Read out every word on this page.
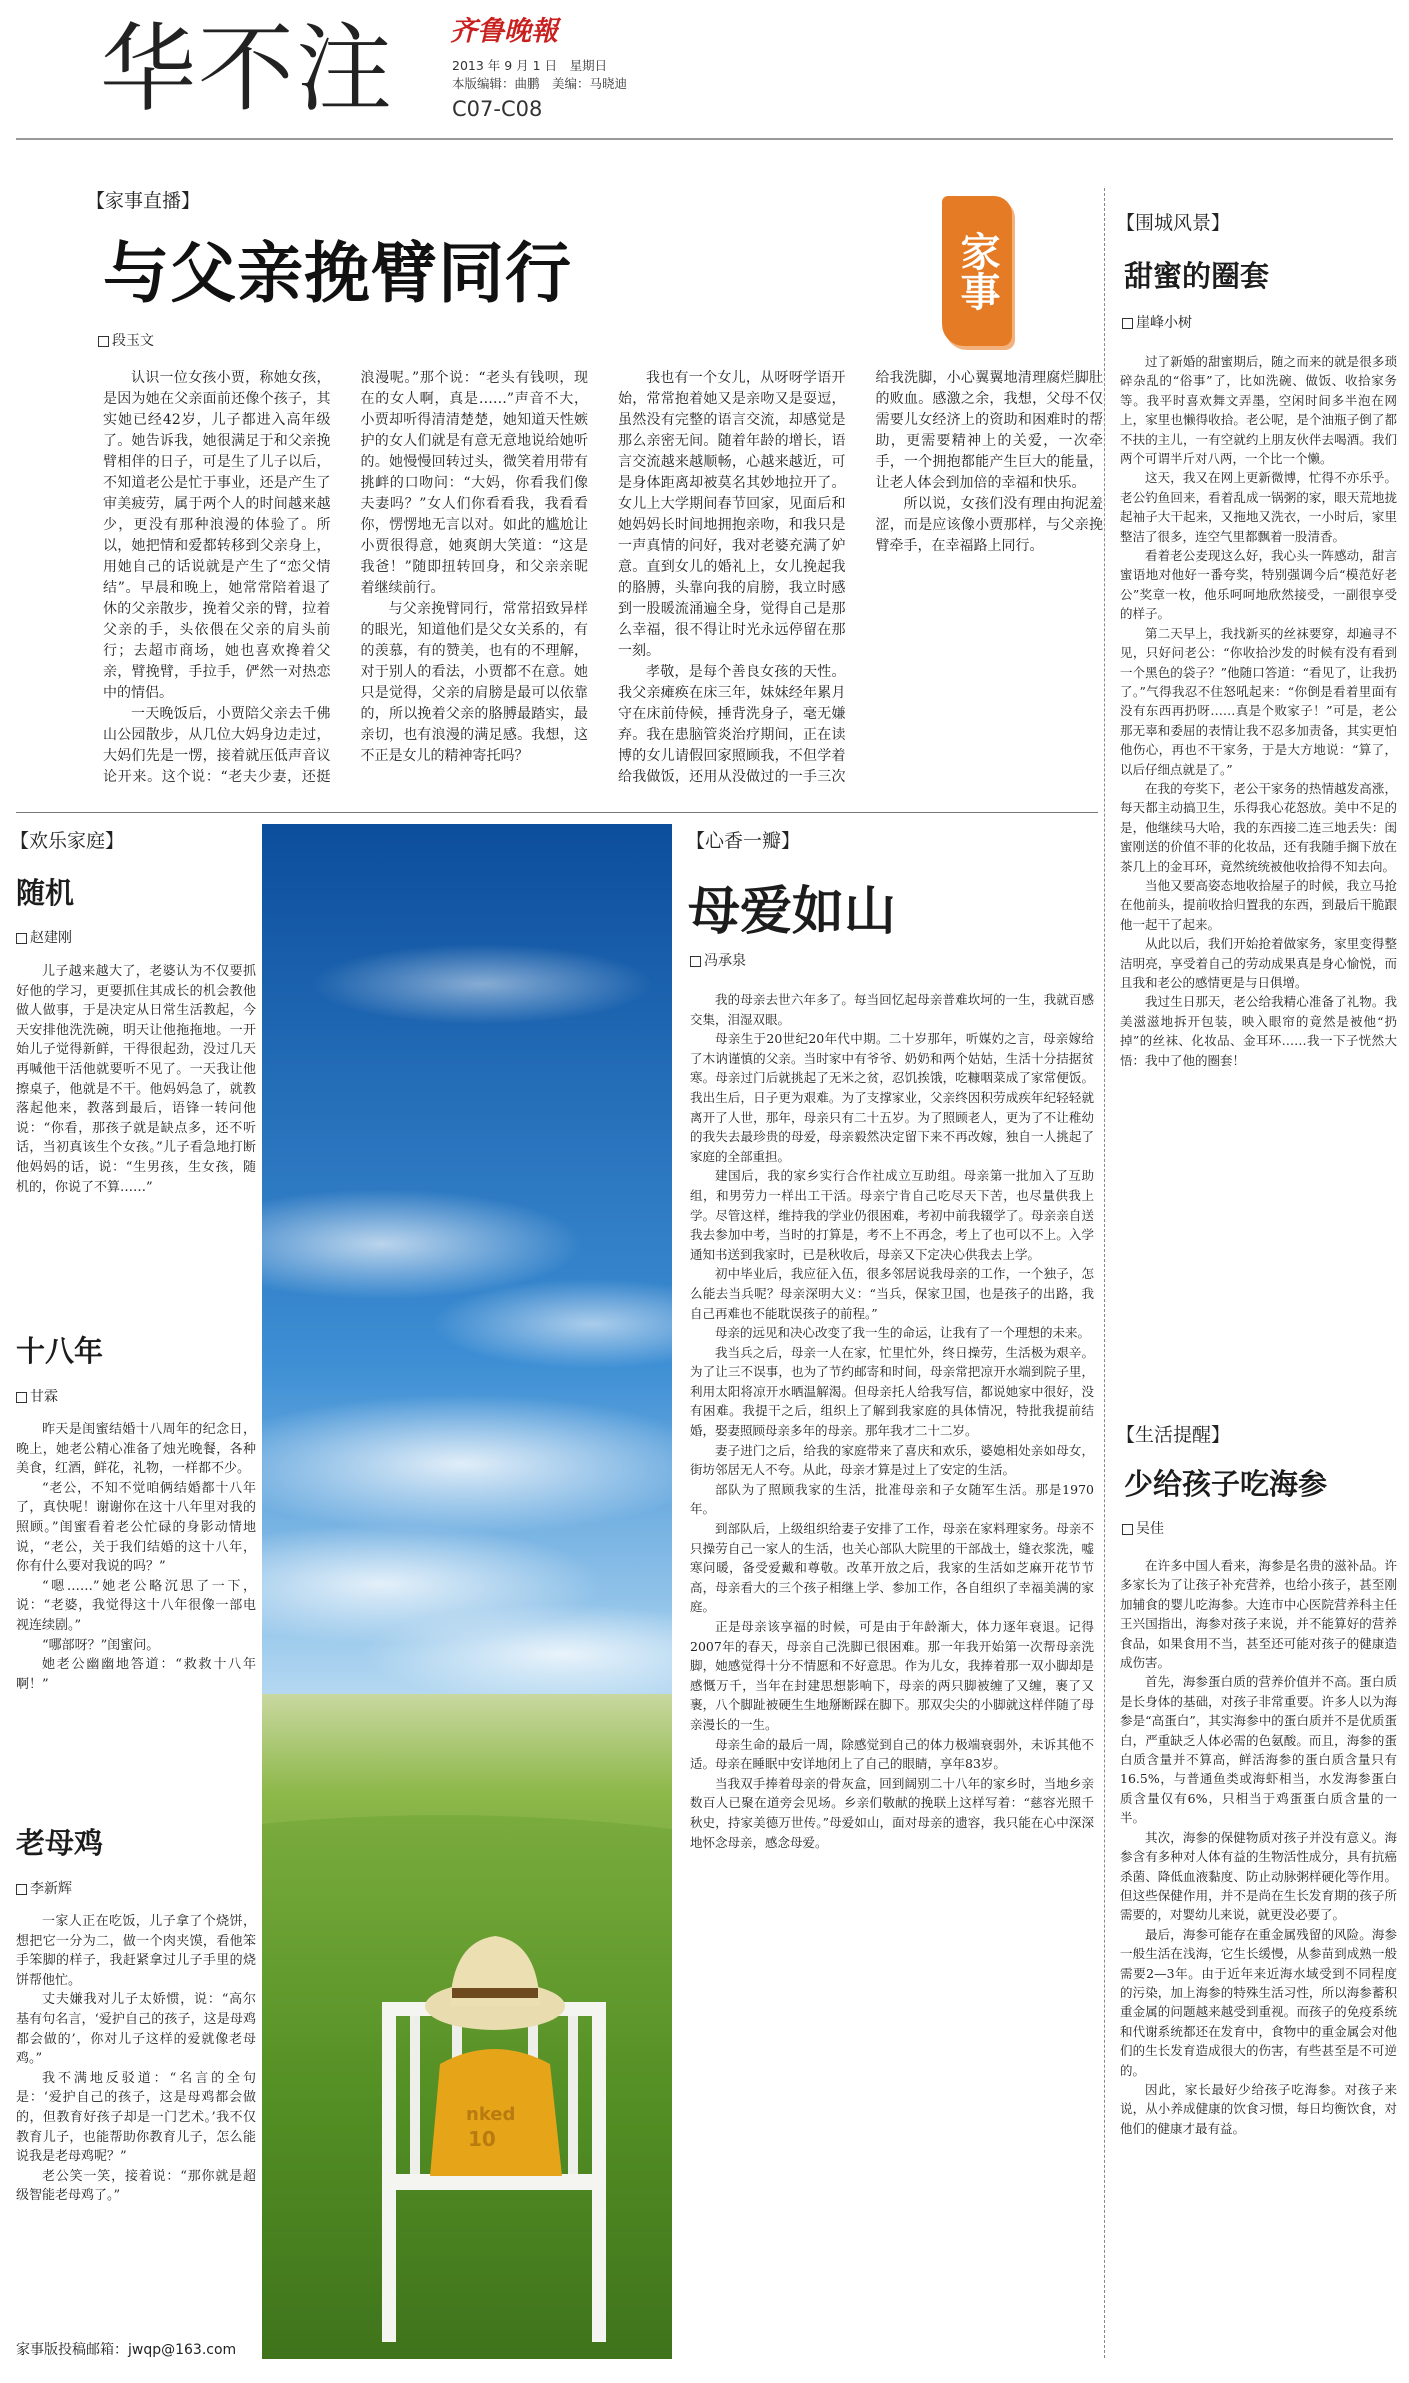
华不注 齐鲁晚報
2013 年 9 月 1 日　星期日
本版编辑：曲鹏　美编：马晓迪
C07-C08
【家事直播】
家事
与父亲挽臂同行
段玉文

认识一位女孩小贾，称她女孩，是因为她在父亲面前还像个孩子，其实她已经42岁，儿子都进入高年级了。她告诉我，她很满足于和父亲挽臂相伴的日子，可是生了儿子以后，不知道老公是忙于事业，还是产生了审美疲劳，属于两个人的时间越来越少，更没有那种浪漫的体验了。所以，她把情和爱都转移到父亲身上，用她自己的话说就是产生了“恋父情结”。早晨和晚上，她常常陪着退了休的父亲散步，挽着父亲的臂，拉着父亲的手，头依偎在父亲的肩头前行；去超市商场，她也喜欢搀着父亲，臂挽臂，手拉手，俨然一对热恋中的情侣。

一天晚饭后，小贾陪父亲去千佛山公园散步，从几位大妈身边走过，大妈们先是一愣，接着就压低声音议论开来。这个说：“老夫少妻，还挺浪漫呢。”那个说：“老头有钱呗，现在的女人啊，真是……”声音不大，小贾却听得清清楚楚，她知道天性嫉护的女人们就是有意无意地说给她听的。她慢慢回转过头，微笑着用带有挑衅的口吻问：“大妈，你看我们像夫妻吗？”女人们你看看我，我看看你，愣愣地无言以对。如此的尴尬让小贾很得意，她爽朗大笑道：“这是我爸！”随即扭转回身，和父亲亲昵着继续前行。

与父亲挽臂同行，常常招致异样的眼光，知道他们是父女关系的，有的羡慕，有的赞美，也有的不理解，对于别人的看法，小贾都不在意。她只是觉得，父亲的肩膀是最可以依靠的，所以挽着父亲的胳膊最踏实，最亲切，也有浪漫的满足感。我想，这不正是女儿的精神寄托吗？

我也有一个女儿，从呀呀学语开始，常常抱着她又是亲吻又是耍逗，虽然没有完整的语言交流，却感觉是那么亲密无间。随着年龄的增长，语言交流越来越顺畅，心越来越近，可是身体距离却被莫名其妙地拉开了。女儿上大学期间春节回家，见面后和她妈妈长时间地拥抱亲吻，和我只是一声真情的问好，我对老婆充满了妒意。直到女儿的婚礼上，女儿挽起我的胳膊，头靠向我的肩膀，我立时感到一股暖流涌遍全身，觉得自己是那么幸福，很不得让时光永远停留在那一刻。

孝敬，是每个善良女孩的天性。我父亲瘫痪在床三年，妹妹经年累月守在床前侍候，捶背洗身子，毫无嫌弃。我在患脑管炎治疗期间，正在读博的女儿请假回家照顾我，不但学着给我做饭，还用从没做过的一手三次给我洗脚，小心翼翼地清理腐烂脚肚的败血。感激之余，我想，父母不仅需要儿女经济上的资助和困难时的帮助，更需要精神上的关爱，一次牵手，一个拥抱都能产生巨大的能量，让老人体会到加倍的幸福和快乐。

所以说，女孩们没有理由拘泥羞涩，而是应该像小贾那样，与父亲挽臂牵手，在幸福路上同行。

【欢乐家庭】
随机
赵建刚

儿子越来越大了，老婆认为不仅要抓好他的学习，更要抓住其成长的机会教他做人做事，于是决定从日常生活教起，今天安排他洗洗碗，明天让他拖拖地。一开始儿子觉得新鲜，干得很起劲，没过几天再喊他干活他就要听不见了。一天我让他擦桌子，他就是不干。他妈妈急了，就教落起他来，教落到最后，语锋一转问他说：“你看，那孩子就是缺点多，还不听话，当初真该生个女孩。”儿子看急地打断他妈妈的话，说：“生男孩，生女孩，随机的，你说了不算……”

十八年
甘霖

昨天是闺蜜结婚十八周年的纪念日，晚上，她老公精心准备了烛光晚餐，各种美食，红酒，鲜花，礼物，一样都不少。

“老公，不知不觉咱俩结婚都十八年了，真快呢！谢谢你在这十八年里对我的照顾。”闺蜜看着老公忙碌的身影动情地说，“老公，关于我们结婚的这十八年，你有什么要对我说的吗？”

“嗯……”她老公略沉思了一下，说：“老婆，我觉得这十八年很像一部电视连续剧。”

“哪部呀？”闺蜜问。

她老公幽幽地答道：“救救十八年啊！”

老母鸡
李新辉

一家人正在吃饭，儿子拿了个烧饼，想把它一分为二，做一个肉夹馍，看他笨手笨脚的样子，我赶紧拿过儿子手里的烧饼帮他忙。

丈夫嫌我对儿子太娇惯，说：“高尔基有句名言，‘爱护自己的孩子，这是母鸡都会做的’，你对儿子这样的爱就像老母鸡。”

我不满地反驳道：“名言的全句是：‘爱护自己的孩子，这是母鸡都会做的，但教育好孩子却是一门艺术。’我不仅教育儿子，也能帮助你教育儿子，怎么能说我是老母鸡呢？”

老公笑一笑，接着说：“那你就是超级智能老母鸡了。”

家事版投稿邮箱：jwqp@163.com
nked
10
【心香一瓣】
母爱如山
冯承泉

我的母亲去世六年多了。每当回忆起母亲普难坎坷的一生，我就百感交集，泪湿双眼。

母亲生于20世纪20年代中期。二十岁那年，听媒妁之言，母亲嫁给了木讷谨慎的父亲。当时家中有爷爷、奶奶和两个姑姑，生活十分拮据贫寒。母亲过门后就挑起了无米之贫，忍饥挨饿，吃糠咽菜成了家常便饭。我出生后，日子更为艰难。为了支撑家业，父亲终因积劳成疾年纪轻轻就离开了人世，那年，母亲只有二十五岁。为了照顾老人，更为了不让稚幼的我失去最珍贵的母爱，母亲毅然决定留下来不再改嫁，独自一人挑起了家庭的全部重担。

建国后，我的家乡实行合作社成立互助组。母亲第一批加入了互助组，和男劳力一样出工干活。母亲宁肯自己吃尽天下苦，也尽量供我上学。尽管这样，维持我的学业仍很困难，考初中前我辍学了。母亲亲自送我去参加中考，当时的打算是，考不上不再念，考上了也可以不上。入学通知书送到我家时，已是秋收后，母亲又下定决心供我去上学。

初中毕业后，我应征入伍，很多邻居说我母亲的工作，一个独子，怎么能去当兵呢？母亲深明大义：“当兵，保家卫国，也是孩子的出路，我自己再难也不能耽误孩子的前程。”

母亲的远见和决心改变了我一生的命运，让我有了一个理想的未来。

我当兵之后，母亲一人在家，忙里忙外，终日操劳，生活极为艰辛。为了让三不误事，也为了节约邮寄和时间，母亲常把凉开水端到院子里，利用太阳将凉开水晒温解渴。但母亲托人给我写信，都说她家中很好，没有困难。我提干之后，组织上了解到我家庭的具体情况，特批我提前结婚，娶妻照顾母亲多年的母亲。那年我才二十二岁。

妻子进门之后，给我的家庭带来了喜庆和欢乐，婆媳相处亲如母女，街坊邻居无人不夸。从此，母亲才算是过上了安定的生活。

部队为了照顾我家的生活，批准母亲和子女随军生活。那是1970年。

到部队后，上级组织给妻子安排了工作，母亲在家料理家务。母亲不只操劳自己一家人的生活，也关心部队大院里的干部战士，缝衣浆洗，嘘寒问暖，备受爱戴和尊敬。改革开放之后，我家的生活如芝麻开花节节高，母亲看大的三个孩子相继上学、参加工作，各自组织了幸福美满的家庭。

正是母亲该享福的时候，可是由于年龄渐大，体力逐年衰退。记得2007年的春天，母亲自己洗脚已很困难。那一年我开始第一次帮母亲洗脚，她感觉得十分不情愿和不好意思。作为儿女，我捧着那一双小脚却是感慨万千，当年在封建思想影响下，母亲的两只脚被缠了又缠，裹了又裹，八个脚趾被硬生生地掰断踩在脚下。那双尖尖的小脚就这样伴随了母亲漫长的一生。

母亲生命的最后一周，除感觉到自己的体力极端衰弱外，未诉其他不适。母亲在睡眠中安详地闭上了自己的眼睛，享年83岁。

当我双手捧着母亲的骨灰盒，回到阔别二十八年的家乡时，当地乡亲数百人已聚在道旁会见场。乡亲们敬献的挽联上这样写着：“慈容光照千秋史，持家美德万世传。”母爱如山，面对母亲的遗容，我只能在心中深深地怀念母亲，感念母爱。

【围城风景】
甜蜜的圈套
崖峰小树

过了新婚的甜蜜期后，随之而来的就是很多琐碎杂乱的“俗事”了，比如洗碗、做饭、收拾家务等。我平时喜欢舞文弄墨，空闲时间多半泡在网上，家里也懒得收拾。老公呢，是个油瓶子倒了都不扶的主儿，一有空就约上朋友伙伴去喝酒。我们两个可谓半斤对八两，一个比一个懒。

这天，我又在网上更新微博，忙得不亦乐乎。老公钓鱼回来，看着乱成一锅粥的家，眼天荒地拢起袖子大干起来，又拖地又洗衣，一小时后，家里整洁了很多，连空气里都飘着一股清香。

看着老公麦现这么好，我心头一阵感动，甜言蜜语地对他好一番夸奖，特别强调今后“模范好老公”奖章一枚，他乐呵呵地欣然接受，一副很享受的样子。

第二天早上，我找新买的丝袜要穿，却遍寻不见，只好问老公：“你收拾沙发的时候有没有看到一个黑色的袋子？”他随口答道：“看见了，让我扔了。”气得我忍不住怒吼起来：“你倒是看着里面有没有东西再扔呀……真是个败家子！”可是，老公那无辜和委屈的表情让我不忍多加责备，其实更怕他伤心，再也不干家务，于是大方地说：“算了，以后仔细点就是了。”

在我的夸奖下，老公干家务的热情越发高涨，每天都主动搞卫生，乐得我心花怒放。美中不足的是，他继续马大哈，我的东西接二连三地丢失：闺蜜刚送的价值不菲的化妆品，还有我随手搁下放在茶几上的金耳环，竟然统统被他收拾得不知去向。

当他又要高姿态地收拾屋子的时候，我立马抢在他前头，提前收拾归置我的东西，到最后干脆跟他一起干了起来。

从此以后，我们开始抢着做家务，家里变得整洁明亮，享受着自己的劳动成果真是身心愉悦，而且我和老公的感情更是与日俱增。

我过生日那天，老公给我精心准备了礼物。我美滋滋地拆开包装，映入眼帘的竟然是被他“扔掉”的丝袜、化妆品、金耳环……我一下子恍然大悟：我中了他的圈套！

【生活提醒】
少给孩子吃海参
吴佳

在许多中国人看来，海参是名贵的滋补品。许多家长为了让孩子补充营养，也给小孩子，甚至刚加辅食的婴儿吃海参。大连市中心医院营养科主任王兴国指出，海参对孩子来说，并不能算好的营养食品，如果食用不当，甚至还可能对孩子的健康造成伤害。

首先，海参蛋白质的营养价值并不高。蛋白质是长身体的基础，对孩子非常重要。许多人以为海参是“高蛋白”，其实海参中的蛋白质并不是优质蛋白，严重缺乏人体必需的色氨酸。而且，海参的蛋白质含量并不算高，鲜活海参的蛋白质含量只有16.5%，与普通鱼类或海虾相当，水发海参蛋白质含量仅有6%，只相当于鸡蛋蛋白质含量的一半。

其次，海参的保健物质对孩子并没有意义。海参含有多种对人体有益的生物活性成分，具有抗癌杀菌、降低血液黏度、防止动脉粥样硬化等作用。但这些保健作用，并不是尚在生长发育期的孩子所需要的，对婴幼儿来说，就更没必要了。

最后，海参可能存在重金属残留的风险。海参一般生活在浅海，它生长缓慢，从参苗到成熟一般需要2—3年。由于近年来近海水域受到不同程度的污染，加上海参的特殊生活习性，所以海参蓄积重金属的问题越来越受到重视。而孩子的免疫系统和代谢系统都还在发育中，食物中的重金属会对他们的生长发育造成很大的伤害，有些甚至是不可逆的。

因此，家长最好少给孩子吃海参。对孩子来说，从小养成健康的饮食习惯，每日均衡饮食，对他们的健康才最有益。
